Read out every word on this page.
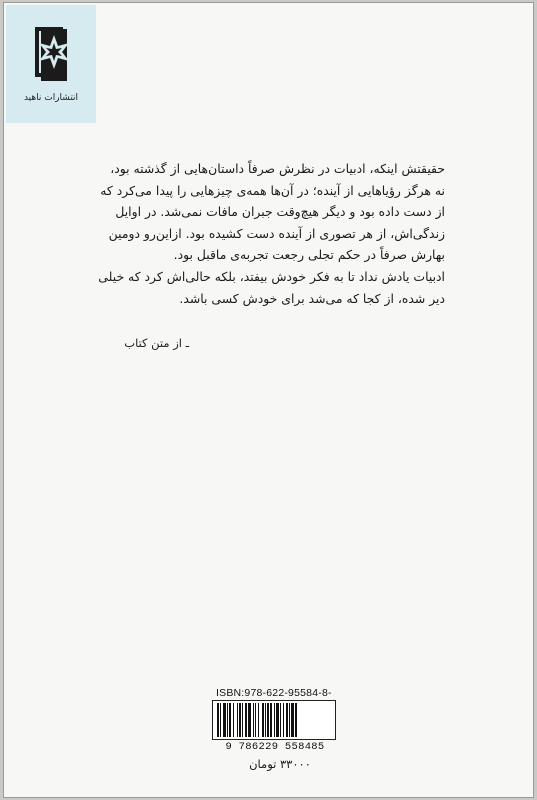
انتشارات ناهید
حقیقتش اینکه، ادبیات در نظرش صرفاً داستان‌هایی از گذشته بود،
نه هرگز رؤیاهایی از آینده؛ در آن‌ها همه‌ی چیزهایی را پیدا می‌کرد که
از دست داده بود و دیگر هیچ‌وقت جبران مافات نمی‌شد. در اوایل
زندگی‌اش، از هر تصوری از آینده دست کشیده بود. ازاین‌رو دومین
بهارش صرفاً در حکم تجلی رجعت تجربه‌ی ماقبل بود.
ادبیات یادش نداد تا به فکر خودش بیفتد، بلکه حالی‌اش کرد که خیلی
دیر شده، از کجا که می‌شد برای خودش کسی باشد.
ـ از متن کتاب
ISBN:978-622-95584-8-
9 786229 558485
۳۳۰۰۰ تومان
